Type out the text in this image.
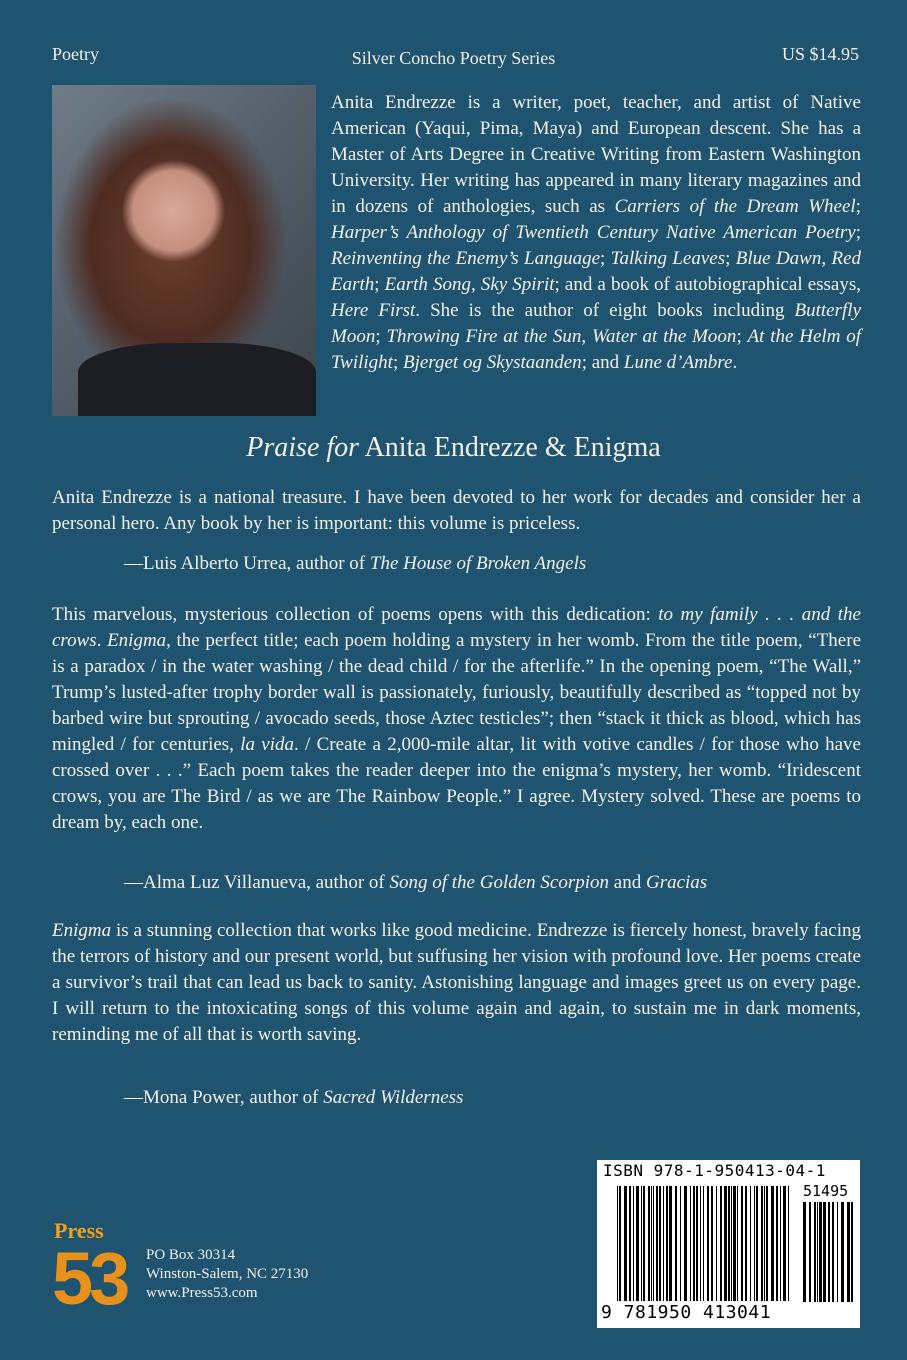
Poetry	Silver Concho Poetry Series	US $14.95
Anita Endrezze is a writer, poet, teacher, and artist of Native American (Yaqui, Pima, Maya) and European descent. She has a Master of Arts Degree in Creative Writing from Eastern Washington University. Her writing has appeared in many literary magazines and in dozens of anthologies, such as Carriers of the Dream Wheel; Harper’s Anthology of Twentieth Century Native American Poetry; Reinventing the Enemy’s Language; Talking Leaves; Blue Dawn, Red Earth; Earth Song, Sky Spirit; and a book of autobiographical essays, Here First. She is the author of eight books including Butterfly Moon; Throwing Fire at the Sun, Water at the Moon; At the Helm of Twilight; Bjerget og Skystaanden; and Lune d’Ambre.
Praise for Anita Endrezze & Enigma
Anita Endrezze is a national treasure. I have been devoted to her work for decades and consider her a personal hero. Any book by her is important: this volume is priceless.
—Luis Alberto Urrea, author of The House of Broken Angels
This marvelous, mysterious collection of poems opens with this dedication: to my family . . . and the crows. Enigma, the perfect title; each poem holding a mystery in her womb. From the title poem, “There is a paradox / in the water washing / the dead child / for the afterlife.” In the opening poem, “The Wall,” Trump’s lusted-after trophy border wall is passionately, furiously, beautifully described as “topped not by barbed wire but sprouting / avocado seeds, those Aztec testicles”; then “stack it thick as blood, which has mingled / for centuries, la vida. / Create a 2,000-mile altar, lit with votive candles / for those who have crossed over . . .” Each poem takes the reader deeper into the enigma’s mystery, her womb. “Iridescent crows, you are The Bird / as we are The Rainbow People.” I agree. Mystery solved. These are poems to dream by, each one.
—Alma Luz Villanueva, author of Song of the Golden Scorpion and Gracias
Enigma is a stunning collection that works like good medicine. Endrezze is fiercely honest, bravely facing the terrors of history and our present world, but suffusing her vision with profound love. Her poems create a survivor’s trail that can lead us back to sanity. Astonishing language and images greet us on every page. I will return to the intoxicating songs of this volume again and again, to sustain me in dark moments, reminding me of all that is worth saving.
—Mona Power, author of Sacred Wilderness
Press
53 PO Box 30314
Winston-Salem, NC 27130
www.Press53.com
ISBN 978-1-950413-04-1
51495
9 781950 413041
